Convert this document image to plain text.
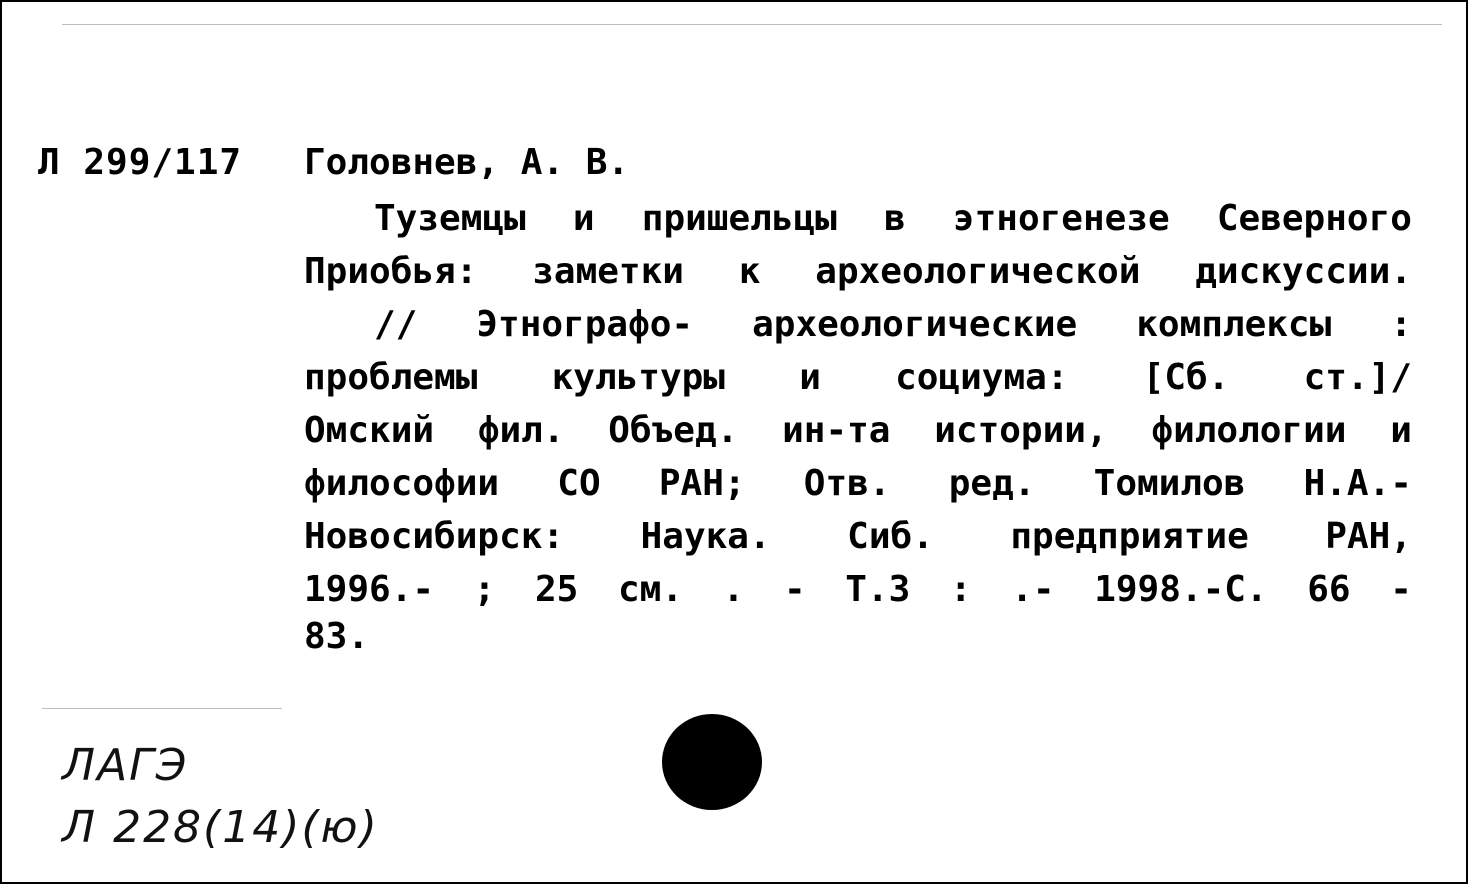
Л 299/117 Головнев, А. В.
Туземцы и пришельцы в этногенезе Северного
Приобья: заметки к археологической дискуссии.
// Этнографо- археологические комплексы :
проблемы культуры и социума: [Сб. ст.]/
Омский фил. Объед. ин-та истории, филологии и
философии СО РАН; Отв. ред. Томилов Н.А.-
Новосибирск: Наука. Сиб. предприятие РАН,
1996.- ; 25 см. . - Т.3 : .- 1998.-С. 66 -
83.
ЛАГЭ
Л 228(14)(ю)
